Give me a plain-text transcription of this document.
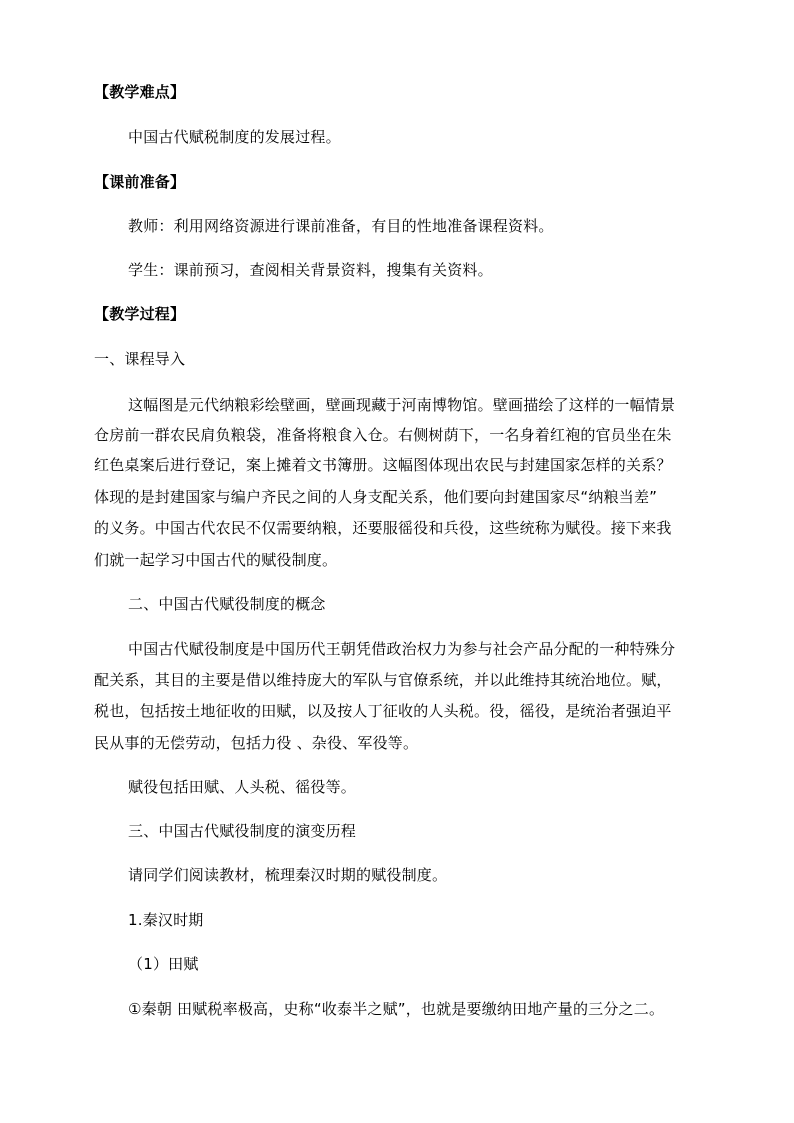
【教学难点】
中国古代赋税制度的发展过程。
【课前准备】
教师：利用网络资源进行课前准备，有目的性地准备课程资料。
学生：课前预习，查阅相关背景资料，搜集有关资料。
【教学过程】
一、课程导入
这幅图是元代纳粮彩绘壁画，壁画现藏于河南博物馆。壁画描绘了这样的一幅情景
仓房前一群农民肩负粮袋，准备将粮食入仓。右侧树荫下，一名身着红袍的官员坐在朱
红色桌案后进行登记，案上摊着文书簿册。这幅图体现出农民与封建国家怎样的关系？
体现的是封建国家与编户齐民之间的人身支配关系，他们要向封建国家尽“纳粮当差”
的义务。中国古代农民不仅需要纳粮，还要服徭役和兵役，这些统称为赋役。接下来我
们就一起学习中国古代的赋役制度。
二、中国古代赋役制度的概念
中国古代赋役制度是中国历代王朝凭借政治权力为参与社会产品分配的一种特殊分
配关系，其目的主要是借以维持庞大的军队与官僚系统，并以此维持其统治地位。赋，
税也，包括按土地征收的田赋，以及按人丁征收的人头税。役，徭役，是统治者强迫平
民从事的无偿劳动，包括力役 、杂役、军役等。
赋役包括田赋、人头税、徭役等。
三、中国古代赋役制度的演变历程
请同学们阅读教材，梳理秦汉时期的赋役制度。
1.秦汉时期
（1）田赋
①秦朝 田赋税率极高，史称“收泰半之赋”，也就是要缴纳田地产量的三分之二。
